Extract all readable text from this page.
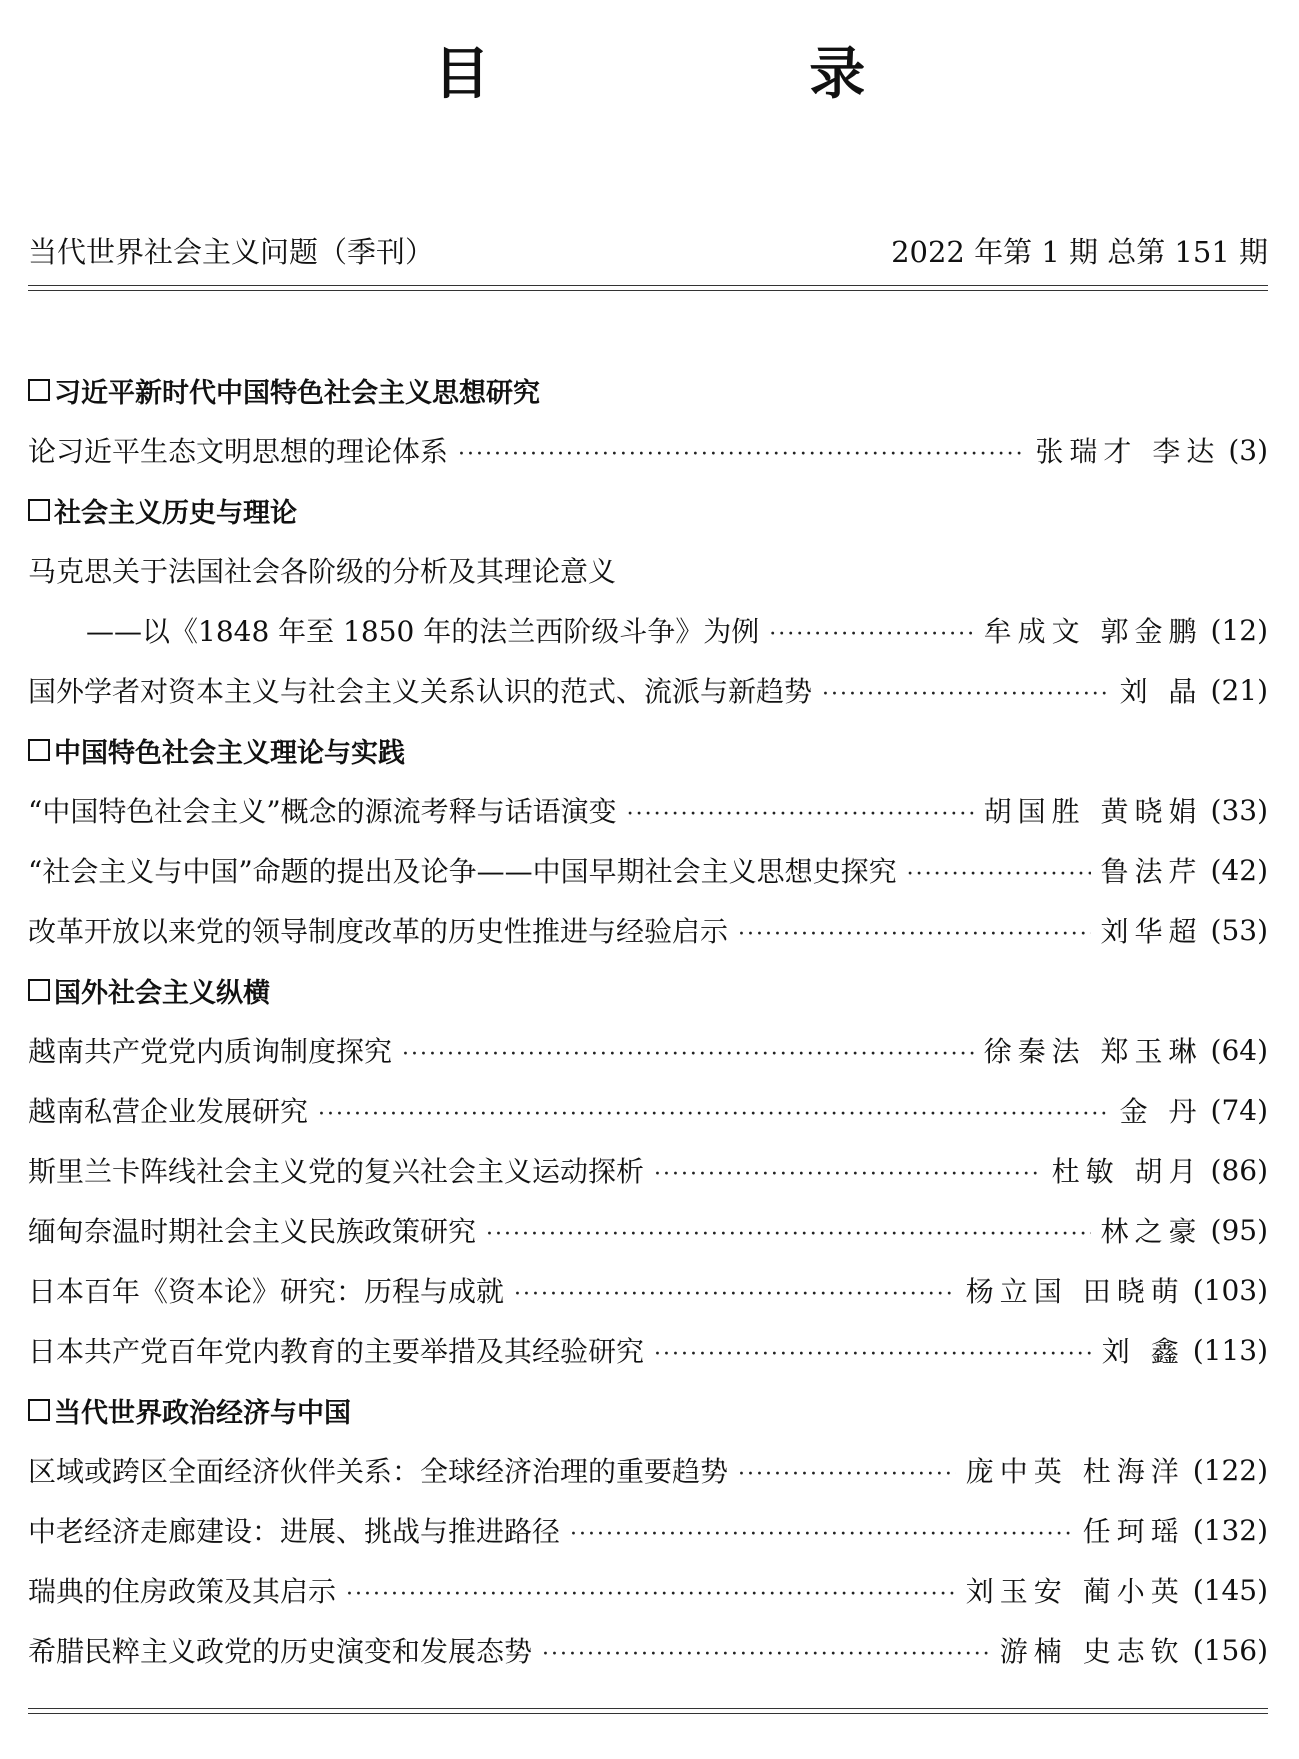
目 录
当代世界社会主义问题（季刊）	2022 年第 1 期 总第 151 期
习近平新时代中国特色社会主义思想研究
论习近平生态文明思想的理论体系 ·····	张瑞才 李达 (3)
社会主义历史与理论
马克思关于法国社会各阶级的分析及其理论意义
——以《1848 年至 1850 年的法兰西阶级斗争》为例 ·····	牟成文 郭金鹏 (12)
国外学者对资本主义与社会主义关系认识的范式、流派与新趋势 ·····	刘 晶 (21)
中国特色社会主义理论与实践
“中国特色社会主义”概念的源流考释与话语演变 ·····	胡国胜 黄晓娟 (33)
“社会主义与中国”命题的提出及论争——中国早期社会主义思想史探究 ·····	鲁法芹 (42)
改革开放以来党的领导制度改革的历史性推进与经验启示 ·····	刘华超 (53)
国外社会主义纵横
越南共产党党内质询制度探究 ·····	徐秦法 郑玉琳 (64)
越南私营企业发展研究 ·····	金 丹 (74)
斯里兰卡阵线社会主义党的复兴社会主义运动探析 ·····	杜敏 胡月 (86)
缅甸奈温时期社会主义民族政策研究 ·····	林之豪 (95)
日本百年《资本论》研究：历程与成就 ·····	杨立国 田晓萌 (103)
日本共产党百年党内教育的主要举措及其经验研究 ·····	刘 鑫 (113)
当代世界政治经济与中国
区域或跨区全面经济伙伴关系：全球经济治理的重要趋势 ·····	庞中英 杜海洋 (122)
中老经济走廊建设：进展、挑战与推进路径 ·····	任珂瑶 (132)
瑞典的住房政策及其启示 ·····	刘玉安 蔺小英 (145)
希腊民粹主义政党的历史演变和发展态势 ·····	游楠 史志钦 (156)
